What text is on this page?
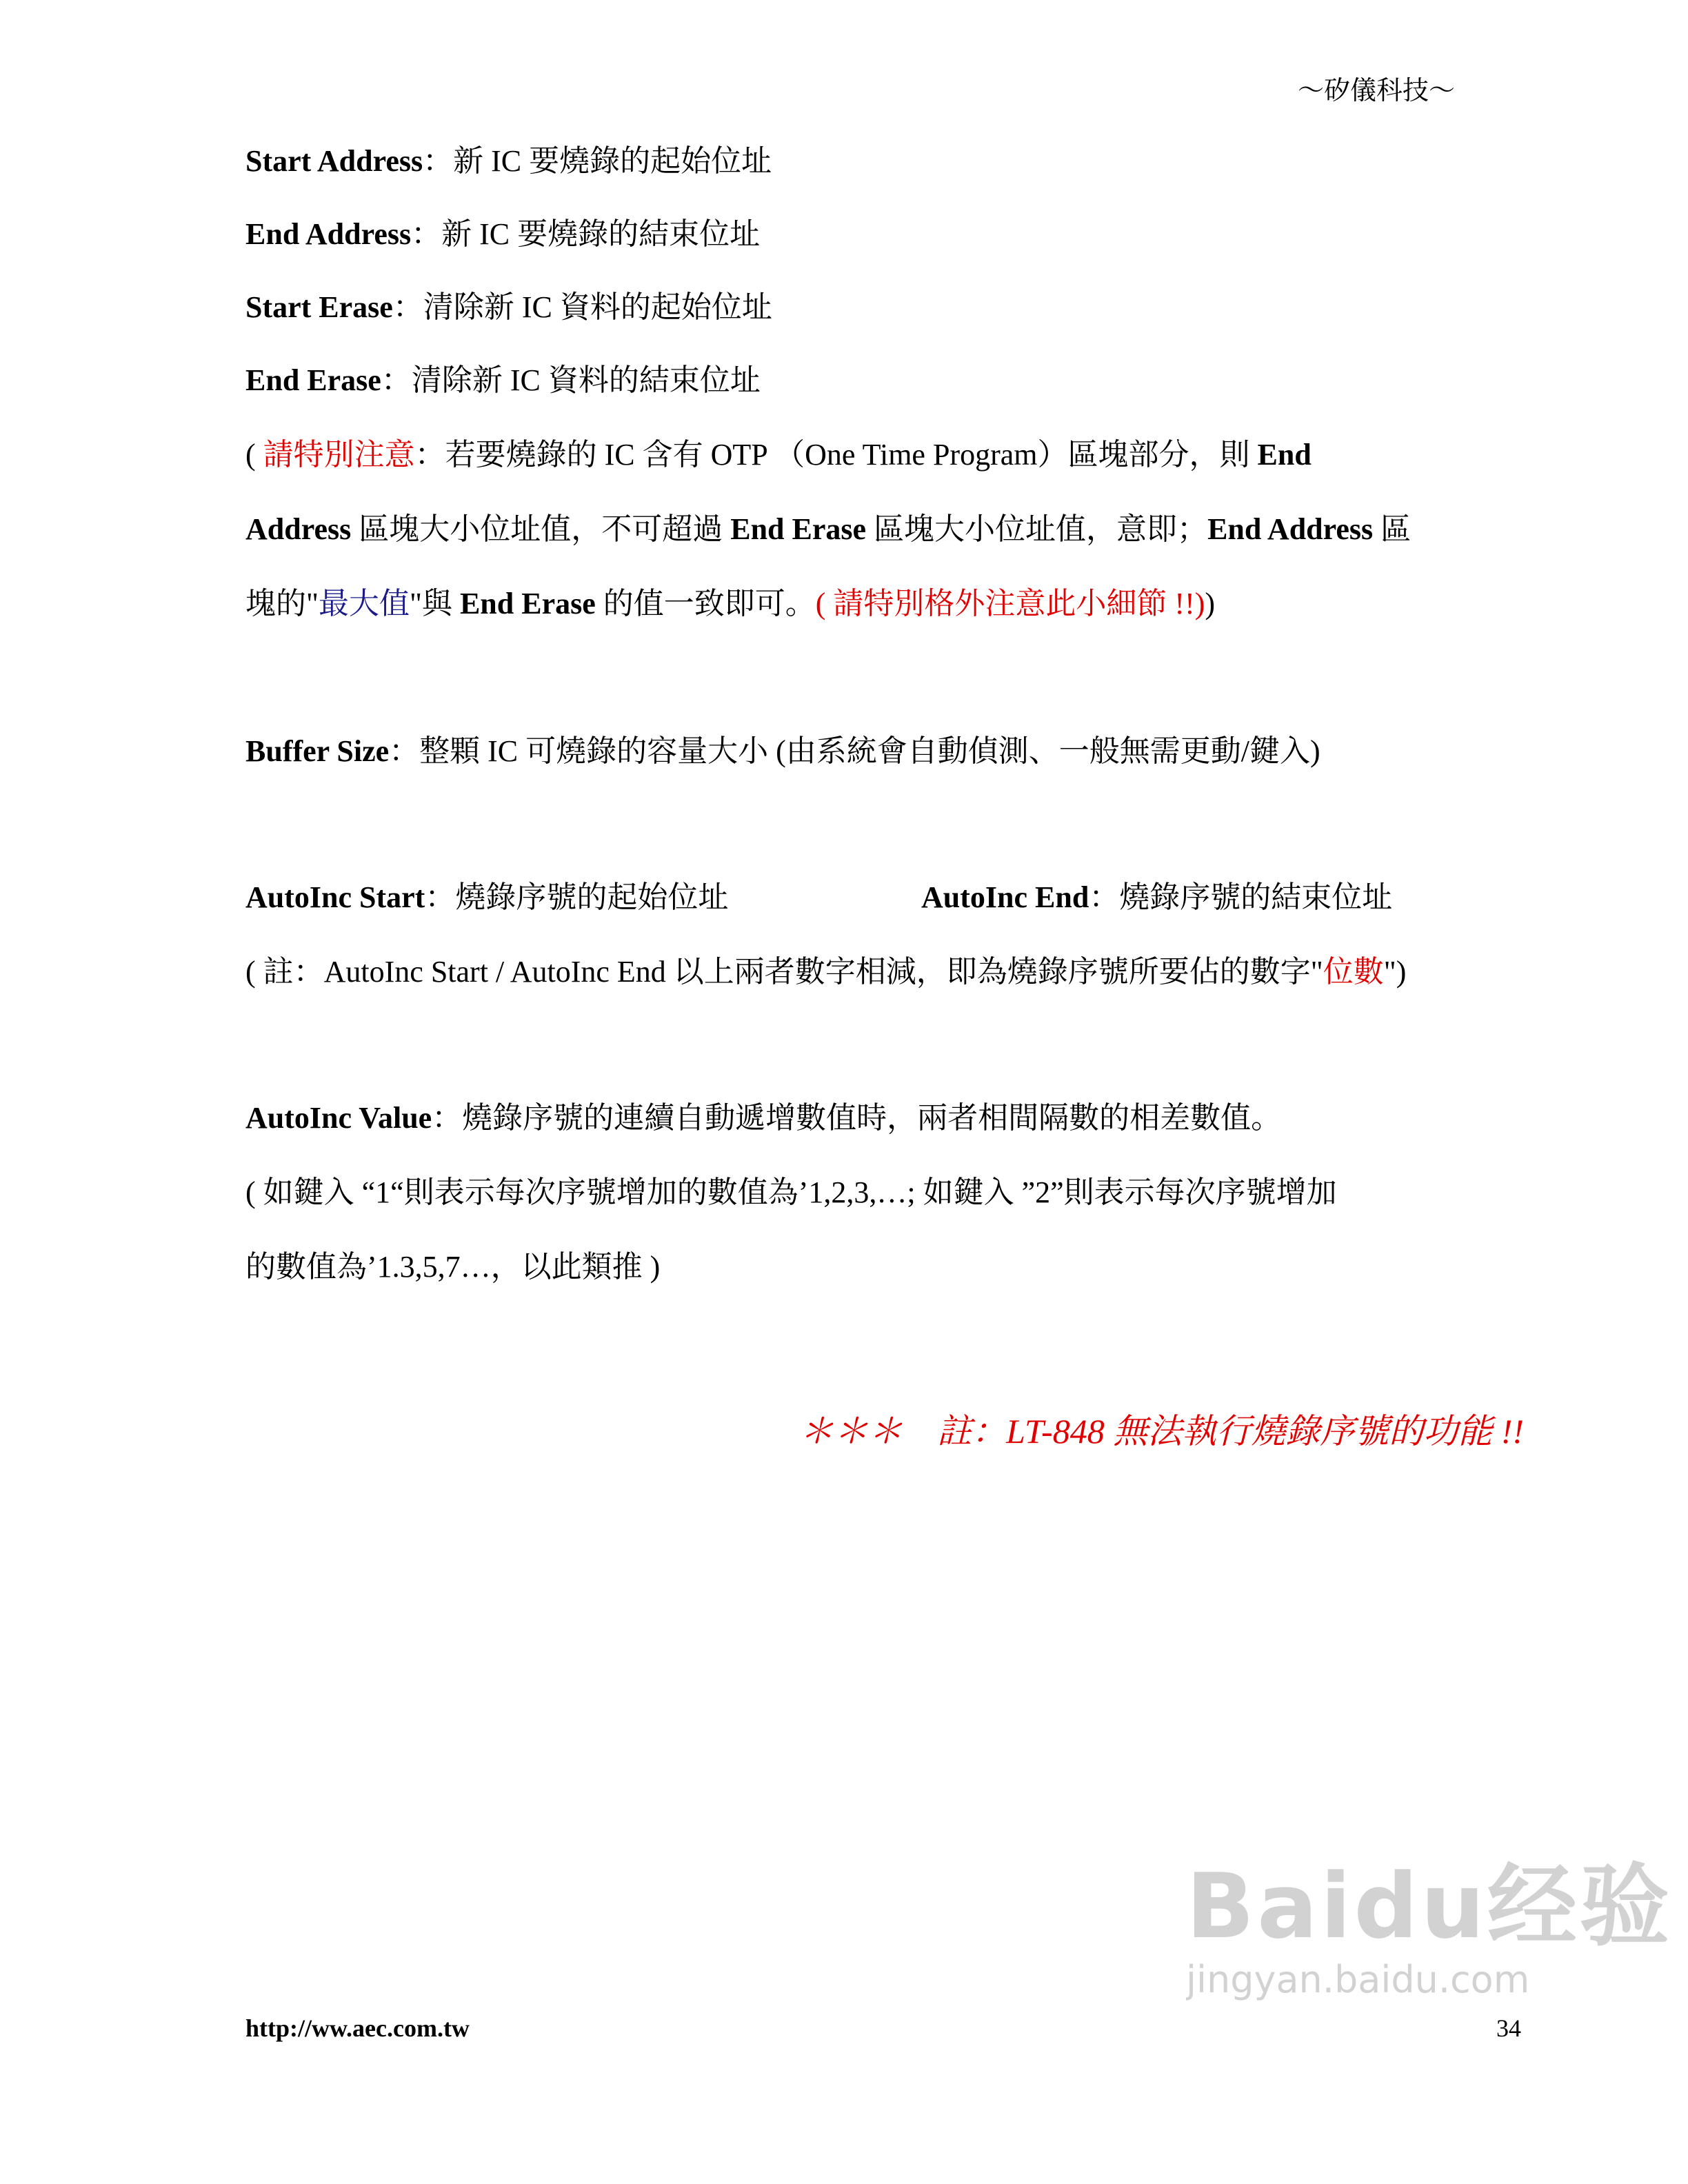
～矽儀科技～
Start Address：新 IC 要燒錄的起始位址
End Address：新 IC 要燒錄的結束位址
Start Erase：清除新 IC 資料的起始位址
End Erase：清除新 IC 資料的結束位址
( 請特別注意：若要燒錄的 IC 含有 OTP （One Time Program）區塊部分，則 End
Address 區塊大小位址值，不可超過 End Erase 區塊大小位址值，意即；End Address 區
塊的"最大值"與 End Erase 的值一致即可。( 請特別格外注意此小細節 !!))
Buffer Size：整顆 IC 可燒錄的容量大小 (由系統會自動偵測、一般無需更動/鍵入)
AutoInc Start：燒錄序號的起始位址	AutoInc End：燒錄序號的結束位址
( 註：AutoInc Start / AutoInc End 以上兩者數字相減，即為燒錄序號所要佔的數字"位數")
AutoInc Value：燒錄序號的連續自動遞增數值時，兩者相間隔數的相差數值。
( 如鍵入 “1“則表示每次序號增加的數值為’1,2,3,…; 如鍵入 ”2”則表示每次序號增加
的數值為’1.3,5,7…，以此類推 )
＊＊＊　註：LT-848 無法執行燒錄序號的功能 !!
Baidu经验
jingyan.baidu.com
http://ww.aec.com.tw	34
